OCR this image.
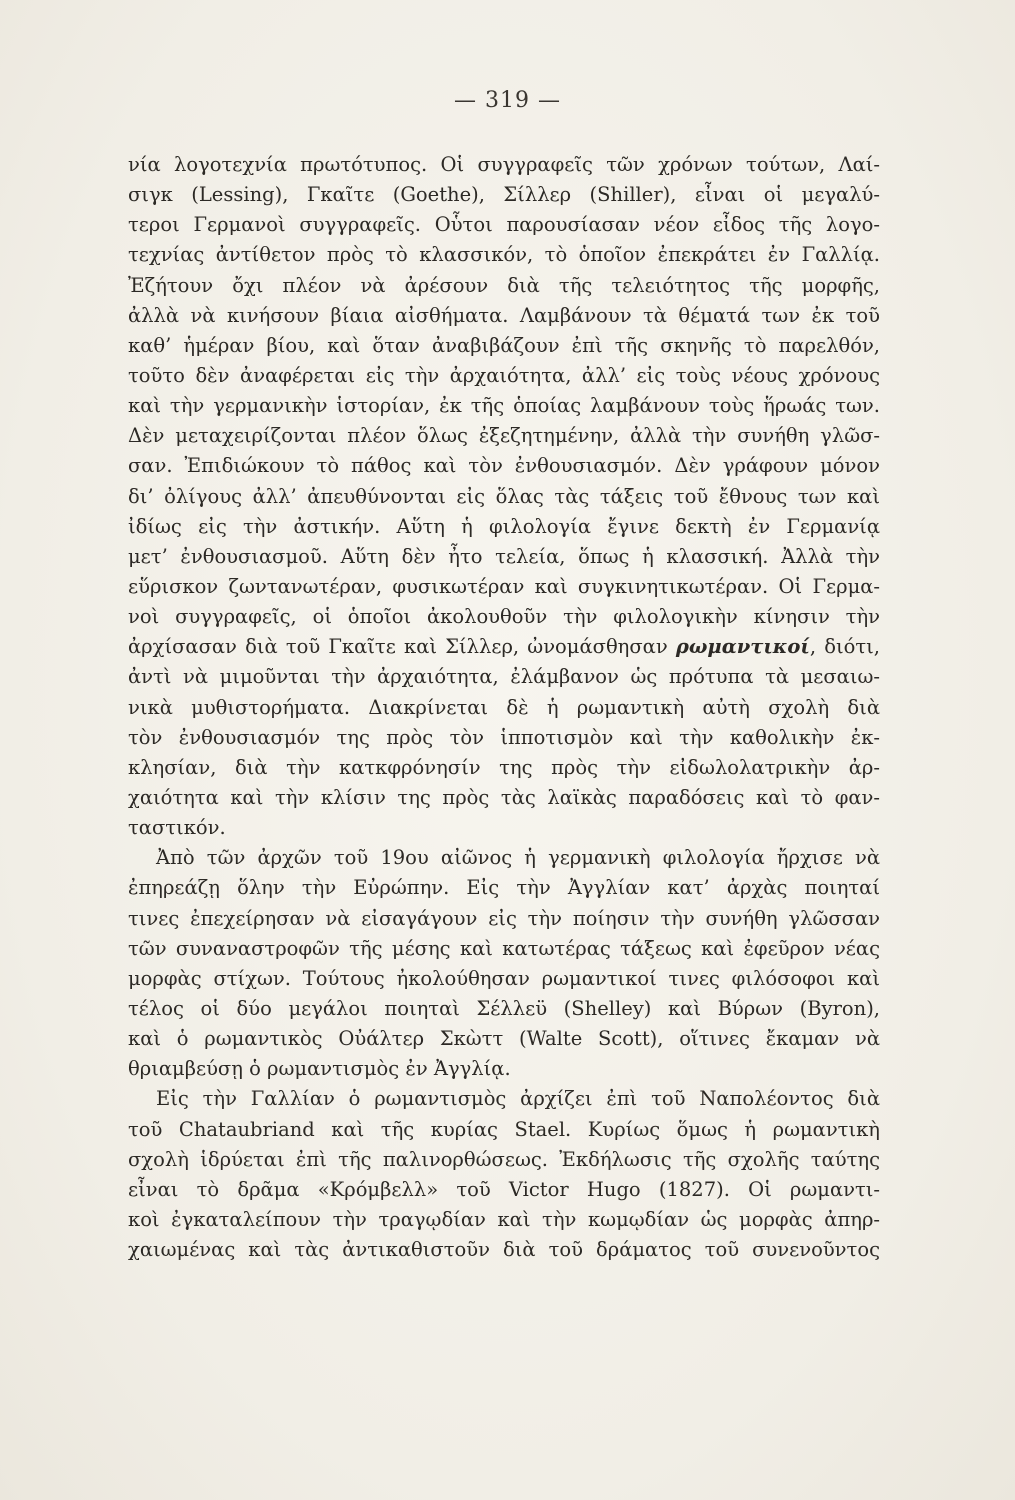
— 319 —
νία λογοτεχνία πρωτότυπος. Οἱ συγγραφεῖς τῶν χρόνων τούτων, Λαί-
σιγκ (Lessing), Γκαῖτε (Goethe), Σίλλερ (Shiller), εἶναι οἱ μεγαλύ-
τεροι Γερμανοὶ συγγραφεῖς. Οὗτοι παρουσίασαν νέον εἶδος τῆς λογο-
τεχνίας ἀντίθετον πρὸς τὸ κλασσικόν, τὸ ὁποῖον ἐπεκράτει ἐν Γαλλίᾳ.
Ἐζήτουν ὄχι πλέον νὰ ἀρέσουν διὰ τῆς τελειότητος τῆς μορφῆς,
ἀλλὰ νὰ κινήσουν βίαια αἰσθήματα. Λαμβάνουν τὰ θέματά των ἐκ τοῦ
καθ’ ἡμέραν βίου, καὶ ὅταν ἀναβιβάζουν ἐπὶ τῆς σκηνῆς τὸ παρελθόν,
τοῦτο δὲν ἀναφέρεται εἰς τὴν ἀρχαιότητα, ἀλλ’ εἰς τοὺς νέους χρόνους
καὶ τὴν γερμανικὴν ἱστορίαν, ἐκ τῆς ὁποίας λαμβάνουν τοὺς ἥρωάς των.
Δὲν μεταχειρίζονται πλέον ὅλως ἐξεζητημένην, ἀλλὰ τὴν συνήθη γλῶσ-
σαν. Ἐπιδιώκουν τὸ πάθος καὶ τὸν ἐνθουσιασμόν. Δὲν γράφουν μόνον
δι’ ὀλίγους ἀλλ’ ἀπευθύνονται εἰς ὅλας τὰς τάξεις τοῦ ἔθνους των καὶ
ἰδίως εἰς τὴν ἀστικήν. Αὕτη ἡ φιλολογία ἔγινε δεκτὴ ἐν Γερμανίᾳ
μετ’ ἐνθουσιασμοῦ. Αὕτη δὲν ἦτο τελεία, ὅπως ἡ κλασσική. Ἀλλὰ τὴν
εὕρισκον ζωντανωτέραν, φυσικωτέραν καὶ συγκινητικωτέραν. Οἱ Γερμα-
νοὶ συγγραφεῖς, οἱ ὁποῖοι ἀκολουθοῦν τὴν φιλολογικὴν κίνησιν τὴν
ἀρχίσασαν διὰ τοῦ Γκαῖτε καὶ Σίλλερ, ὠνομάσθησαν ρωμαντικοί, διότι,
ἀντὶ νὰ μιμοῦνται τὴν ἀρχαιότητα, ἐλάμβανον ὡς πρότυπα τὰ μεσαιω-
νικὰ μυθιστορήματα. Διακρίνεται δὲ ἡ ρωμαντικὴ αὐτὴ σχολὴ διὰ
τὸν ἐνθουσιασμόν της πρὸς τὸν ἱπποτισμὸν καὶ τὴν καθολικὴν ἐκ-
κλησίαν, διὰ τὴν κατκφρόνησίν της πρὸς τὴν εἰδωλολατρικὴν ἀρ-
χαιότητα καὶ τὴν κλίσιν της πρὸς τὰς λαϊκὰς παραδόσεις καὶ τὸ φαν-
ταστικόν.
Ἀπὸ τῶν ἀρχῶν τοῦ 19ου αἰῶνος ἡ γερμανικὴ φιλολογία ἤρχισε νὰ
ἐπηρεάζῃ ὅλην τὴν Εὐρώπην. Εἰς τὴν Ἀγγλίαν κατ’ ἀρχὰς ποιηταί
τινες ἐπεχείρησαν νὰ εἰσαγάγουν εἰς τὴν ποίησιν τὴν συνήθη γλῶσσαν
τῶν συναναστροφῶν τῆς μέσης καὶ κατωτέρας τάξεως καὶ ἐφεῦρον νέας
μορφὰς στίχων. Τούτους ἠκολούθησαν ρωμαντικοί τινες φιλόσοφοι καὶ
τέλος οἱ δύο μεγάλοι ποιηταὶ Σέλλεϋ (Shelley) καὶ Βύρων (Byron),
καὶ ὁ ρωμαντικὸς Οὐάλτερ Σκὼττ (Walte Scott), οἵτινες ἔκαμαν νὰ
θριαμβεύσῃ ὁ ρωμαντισμὸς ἐν Ἀγγλίᾳ.
Εἰς τὴν Γαλλίαν ὁ ρωμαντισμὸς ἀρχίζει ἐπὶ τοῦ Ναπολέοντος διὰ
τοῦ Chataubriand καὶ τῆς κυρίας Stael. Κυρίως ὅμως ἡ ρωμαντικὴ
σχολὴ ἱδρύεται ἐπὶ τῆς παλινορθώσεως. Ἐκδήλωσις τῆς σχολῆς ταύτης
εἶναι τὸ δρᾶμα «Κρόμβελλ» τοῦ Victor Hugo (1827). Οἱ ρωμαντι-
κοὶ ἐγκαταλείπουν τὴν τραγῳδίαν καὶ τὴν κωμῳδίαν ὡς μορφὰς ἀπηρ-
χαιωμένας καὶ τὰς ἀντικαθιστοῦν διὰ τοῦ δράματος τοῦ συνενοῦντος
